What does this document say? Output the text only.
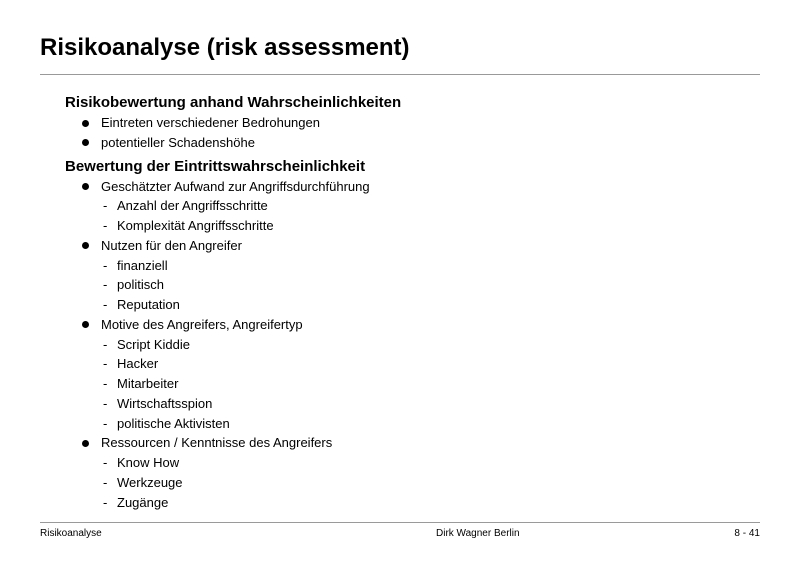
Risikoanalyse (risk assessment)
Risikobewertung anhand Wahrscheinlichkeiten
Eintreten verschiedener Bedrohungen
potentieller Schadenshöhe
Bewertung der Eintrittswahrscheinlichkeit
Geschätzter Aufwand zur Angriffsdurchführung
- Anzahl der Angriffsschritte
- Komplexität Angriffsschritte
Nutzen für den Angreifer
- finanziell
- politisch
- Reputation
Motive des Angreifers, Angreifertyp
- Script Kiddie
- Hacker
- Mitarbeiter
- Wirtschaftsspion
- politische Aktivisten
Ressourcen / Kenntnisse des Angreifers
- Know How
- Werkzeuge
- Zugänge
Risikoanalyse	Dirk Wagner Berlin	8 - 41
